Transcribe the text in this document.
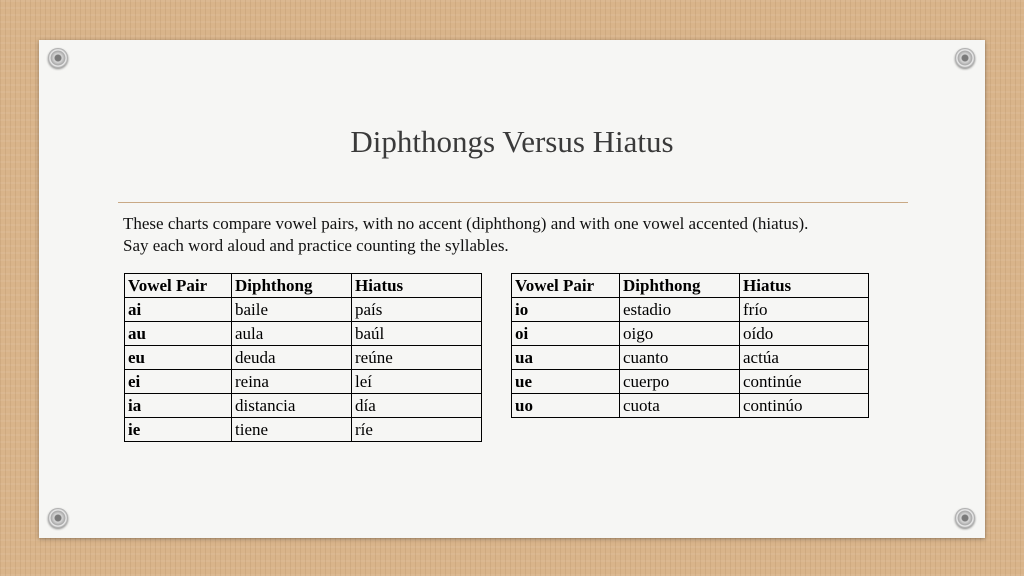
Diphthongs Versus Hiatus

These charts compare vowel pairs, with no accent (diphthong) and with one vowel accented (hiatus).
Say each word aloud and practice counting the syllables.

Vowel Pair	Diphthong	Hiatus
ai	baile	país
au	aula	baúl
eu	deuda	reúne
ei	reina	leí
ia	distancia	día
ie	tiene	ríe
Vowel Pair	Diphthong	Hiatus
io	estadio	frío
oi	oigo	oído
ua	cuanto	actúa
ue	cuerpo	continúe
uo	cuota	continúo
